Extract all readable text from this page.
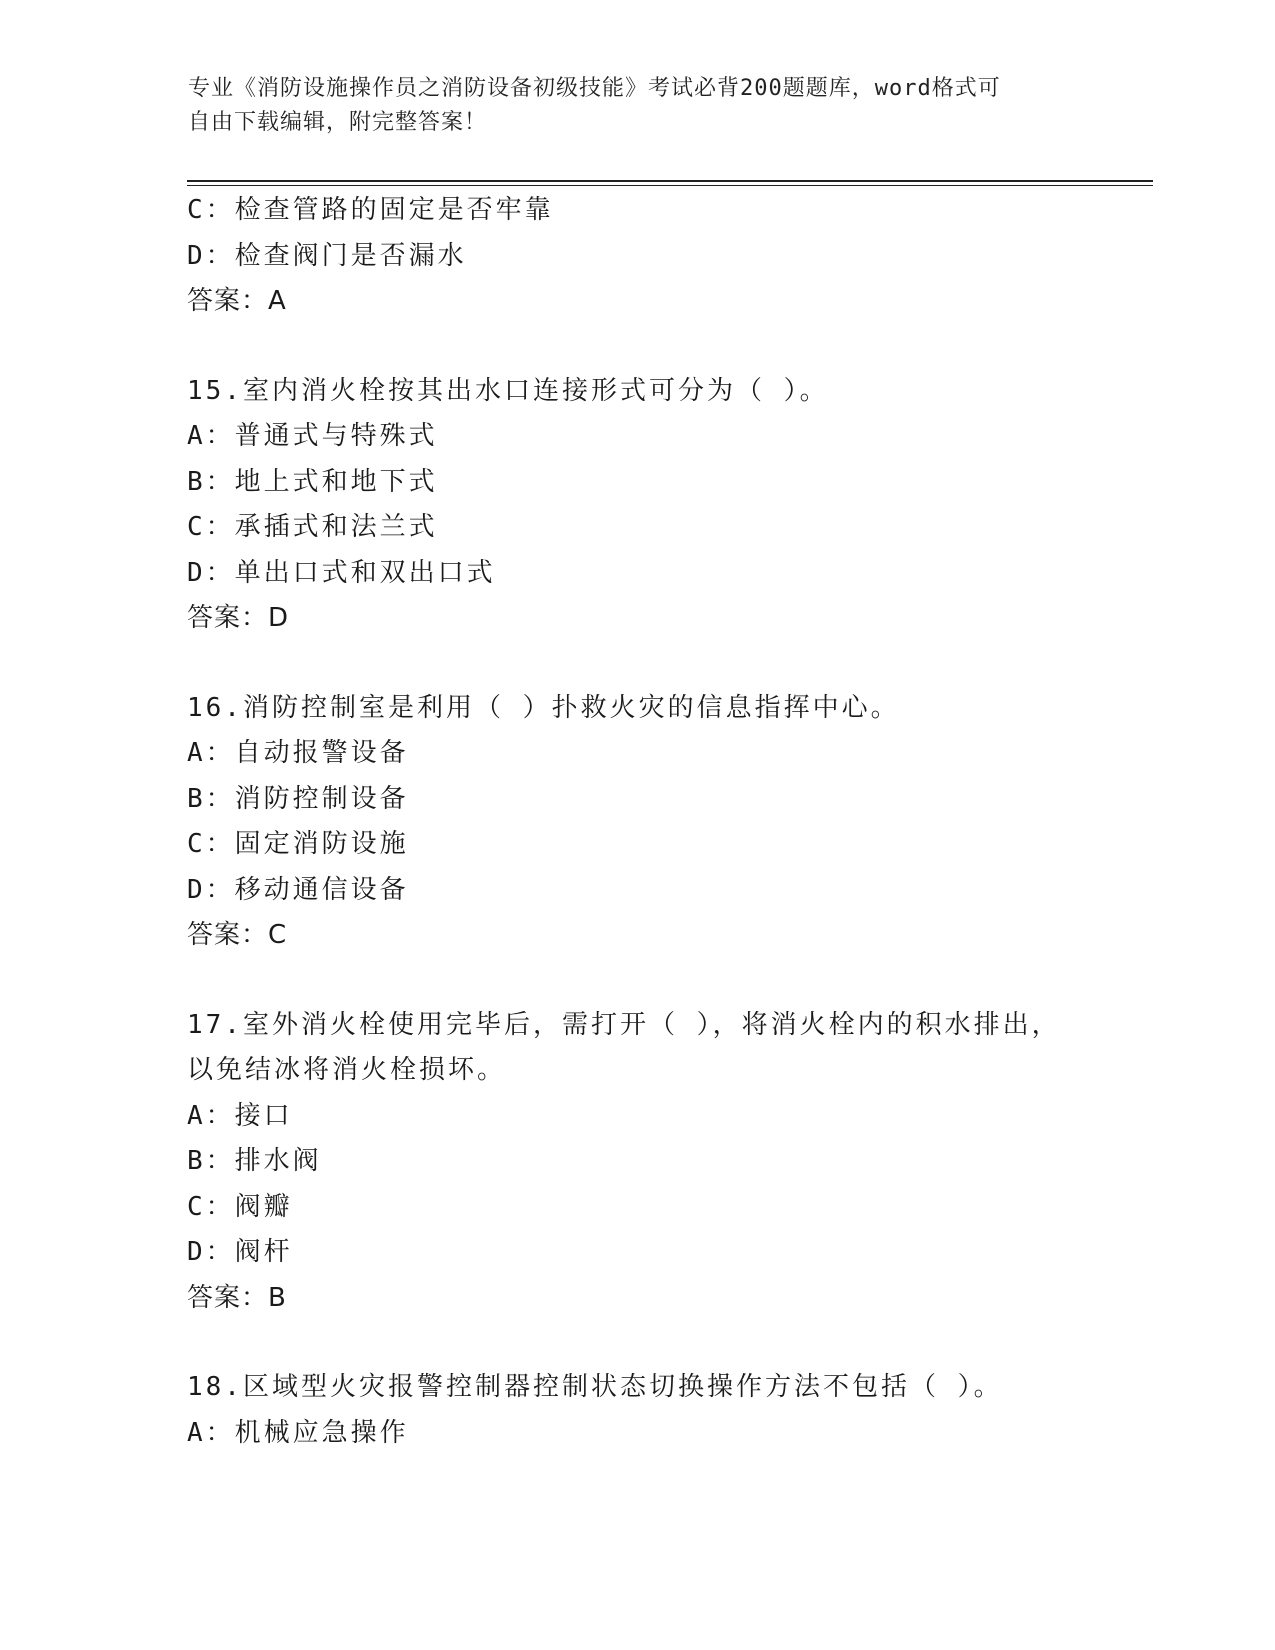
专业《消防设施操作员之消防设备初级技能》考试必背200题题库，word格式可
自由下载编辑，附完整答案！
C：检查管路的固定是否牢靠
D：检查阀门是否漏水
答案：A
15.室内消火栓按其出水口连接形式可分为（ ）。
A：普通式与特殊式
B：地上式和地下式
C：承插式和法兰式
D：单出口式和双出口式
答案：D
16.消防控制室是利用（ ）扑救火灾的信息指挥中心。
A：自动报警设备
B：消防控制设备
C：固定消防设施
D：移动通信设备
答案：C
17.室外消火栓使用完毕后，需打开（ ），将消火栓内的积水排出，
以免结冰将消火栓损坏。
A：接口
B：排水阀
C：阀瓣
D：阀杆
答案：B
18.区域型火灾报警控制器控制状态切换操作方法不包括（ ）。
A：机械应急操作
